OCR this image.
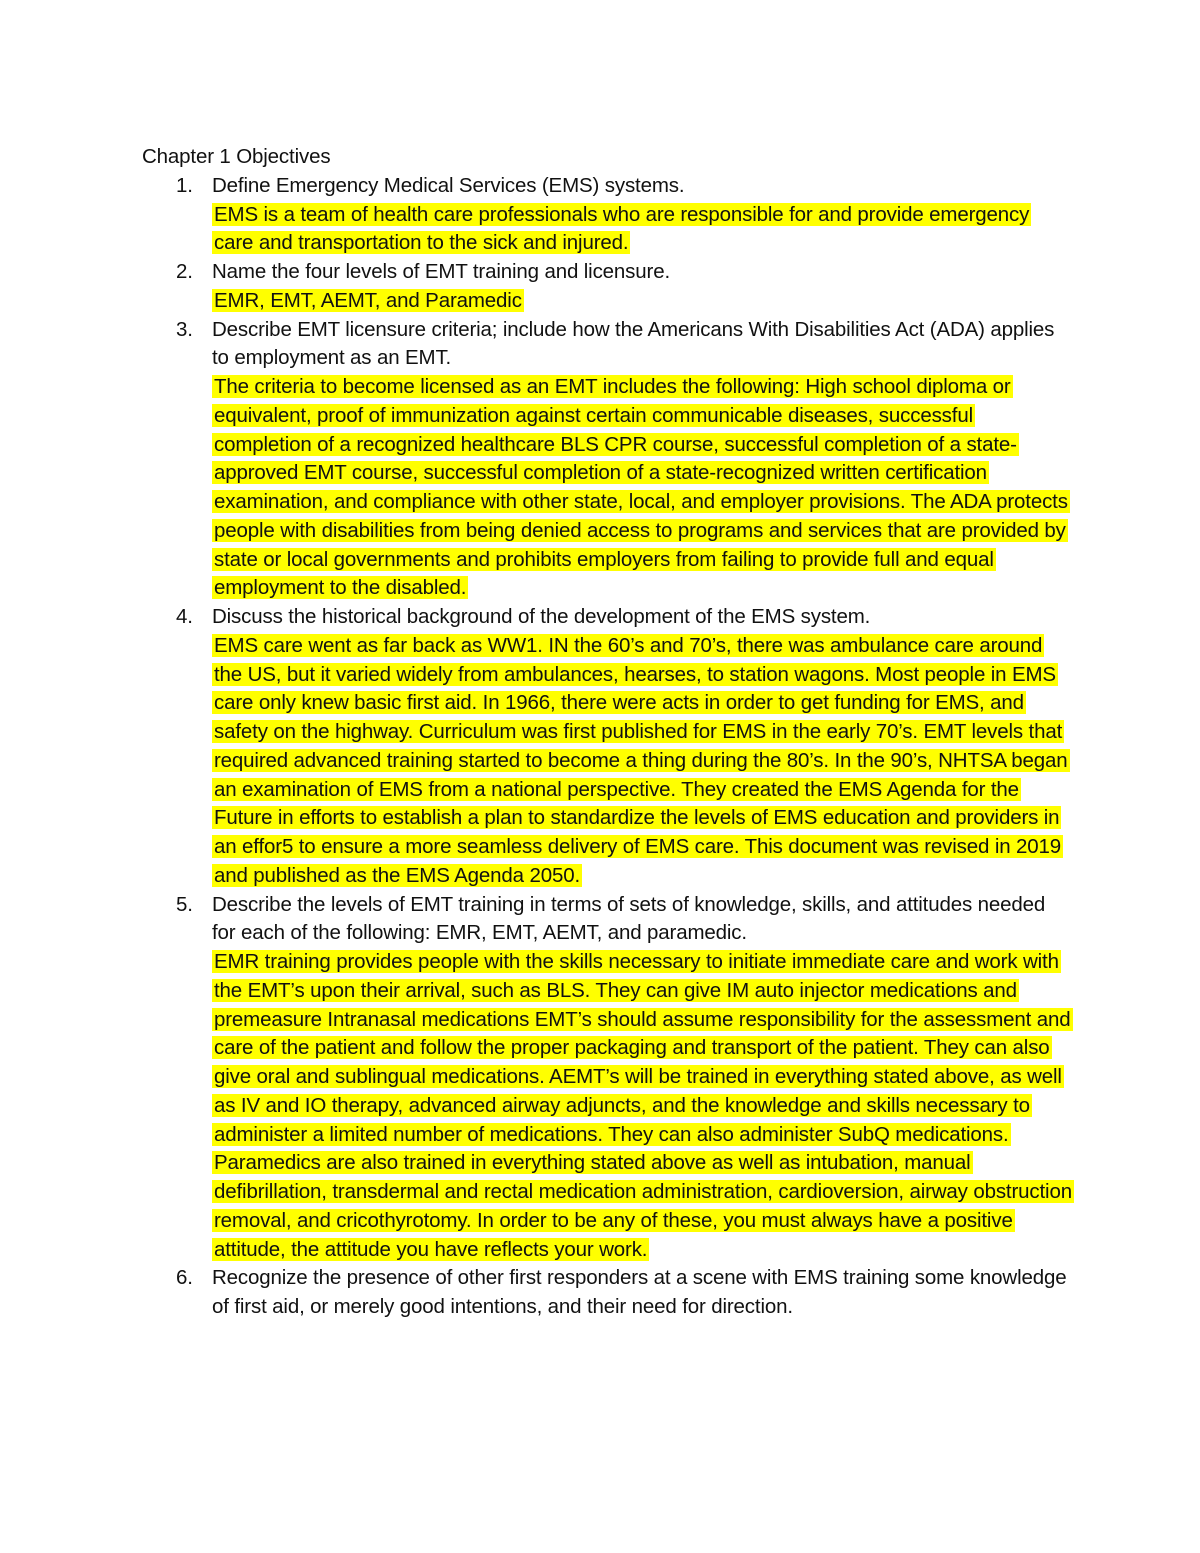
Chapter 1 Objectives
1. Define Emergency Medical Services (EMS) systems.
EMS is a team of health care professionals who are responsible for and provide emergency care and transportation to the sick and injured.
2. Name the four levels of EMT training and licensure.
EMR, EMT, AEMT, and Paramedic
3. Describe EMT licensure criteria; include how the Americans With Disabilities Act (ADA) applies to employment as an EMT.
The criteria to become licensed as an EMT includes the following: High school diploma or equivalent, proof of immunization against certain communicable diseases, successful completion of a recognized healthcare BLS CPR course, successful completion of a state-approved EMT course, successful completion of a state-recognized written certification examination, and compliance with other state, local, and employer provisions. The ADA protects people with disabilities from being denied access to programs and services that are provided by state or local governments and prohibits employers from failing to provide full and equal employment to the disabled.
4. Discuss the historical background of the development of the EMS system.
EMS care went as far back as WW1. IN the 60’s and 70’s, there was ambulance care around the US, but it varied widely from ambulances, hearses, to station wagons. Most people in EMS care only knew basic first aid. In 1966, there were acts in order to get funding for EMS, and safety on the highway. Curriculum was first published for EMS in the early 70’s. EMT levels that required advanced training started to become a thing during the 80’s. In the 90’s, NHTSA began an examination of EMS from a national perspective. They created the EMS Agenda for the Future in efforts to establish a plan to standardize the levels of EMS education and providers in an effor5 to ensure a more seamless delivery of EMS care. This document was revised in 2019 and published as the EMS Agenda 2050.
5. Describe the levels of EMT training in terms of sets of knowledge, skills, and attitudes needed for each of the following: EMR, EMT, AEMT, and paramedic.
EMR training provides people with the skills necessary to initiate immediate care and work with the EMT’s upon their arrival, such as BLS. They can give IM auto injector medications and premeasure Intranasal medications EMT’s should assume responsibility for the assessment and care of the patient and follow the proper packaging and transport of the patient. They can also give oral and sublingual medications. AEMT’s will be trained in everything stated above, as well as IV and IO therapy, advanced airway adjuncts, and the knowledge and skills necessary to administer a limited number of medications. They can also administer SubQ medications. Paramedics are also trained in everything stated above as well as intubation, manual defibrillation, transdermal and rectal medication administration, cardioversion, airway obstruction removal, and cricothyrotomy. In order to be any of these, you must always have a positive attitude, the attitude you have reflects your work.
6. Recognize the presence of other first responders at a scene with EMS training some knowledge of first aid, or merely good intentions, and their need for direction.
